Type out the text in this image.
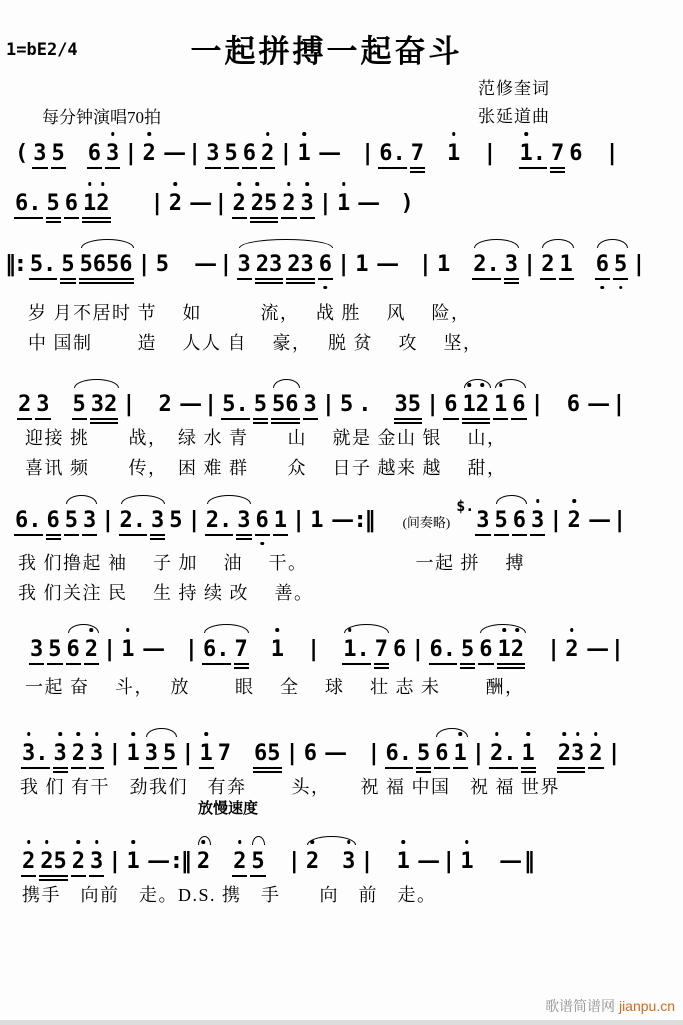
1=bE2/4	一起拼搏一起奋斗
范修奎词
张延道曲
每分钟演唱70拍
放慢速度
( 3 5 6 3 | 2 — | 3 5 6 2 | 1 — | 6. 7 1 | 1. 7 6 |
6. 5 6 12 | 2 — | 2 25 2 3 | 1 — )
‖: 5. 5 5656 | 5 — | 3 23 23 6 | 1 — | 1 2. 3 | 2 1 6 5 |
岁 月不居时 节　 如　　　流，　 战 胜　 风　 险，
中 国制　　 造　 人人 自　 豪，　 脱 贫　 攻　 坚，
2 3 5 32 | 2 — | 5. 5 56 3 | 5 . 35 | 6 12 1 6 | 6 — |
迎接 挑　　战，　绿 水 青　　山　 就是 金山 银　 山，
喜讯 频　　传，　困 难 群　　众　 日子 越来 越　 甜，
6. 6 5 3 | 2. 3 5 | 2. 3 6 1 | 1 — :‖ (间奏略)$.3 5 6 3 | 2 — |
我 们撸起 袖　 子 加　 油　 干。　　　　　　一起 拼　 搏
我 们关注 民　 生 持 续 改　 善。
3 5 6 2 | 1 — | 6. 7 1 | 1. 7 6 | 6. 5 6 12 | 2 — |
一起 奋　 斗，　 放　　 眼　 全　 球　 壮 志 未　　 酬，
3. 3 2 3 | 1 3 5 | 1 7 65 | 6 — | 6. 5 6 1 | 2. 1 23 2 |
我 们 有干　劲我们　有奔　　 头，　　祝 福 中国　祝 福 世界
2 25 2 3 | 1 — :‖ 2 2 5 | 2 3 | 1 — | 1 — ‖
携手　向前　走。D.S. 携　手　　向　前　走。
歌谱简谱网 jianpu.cn
